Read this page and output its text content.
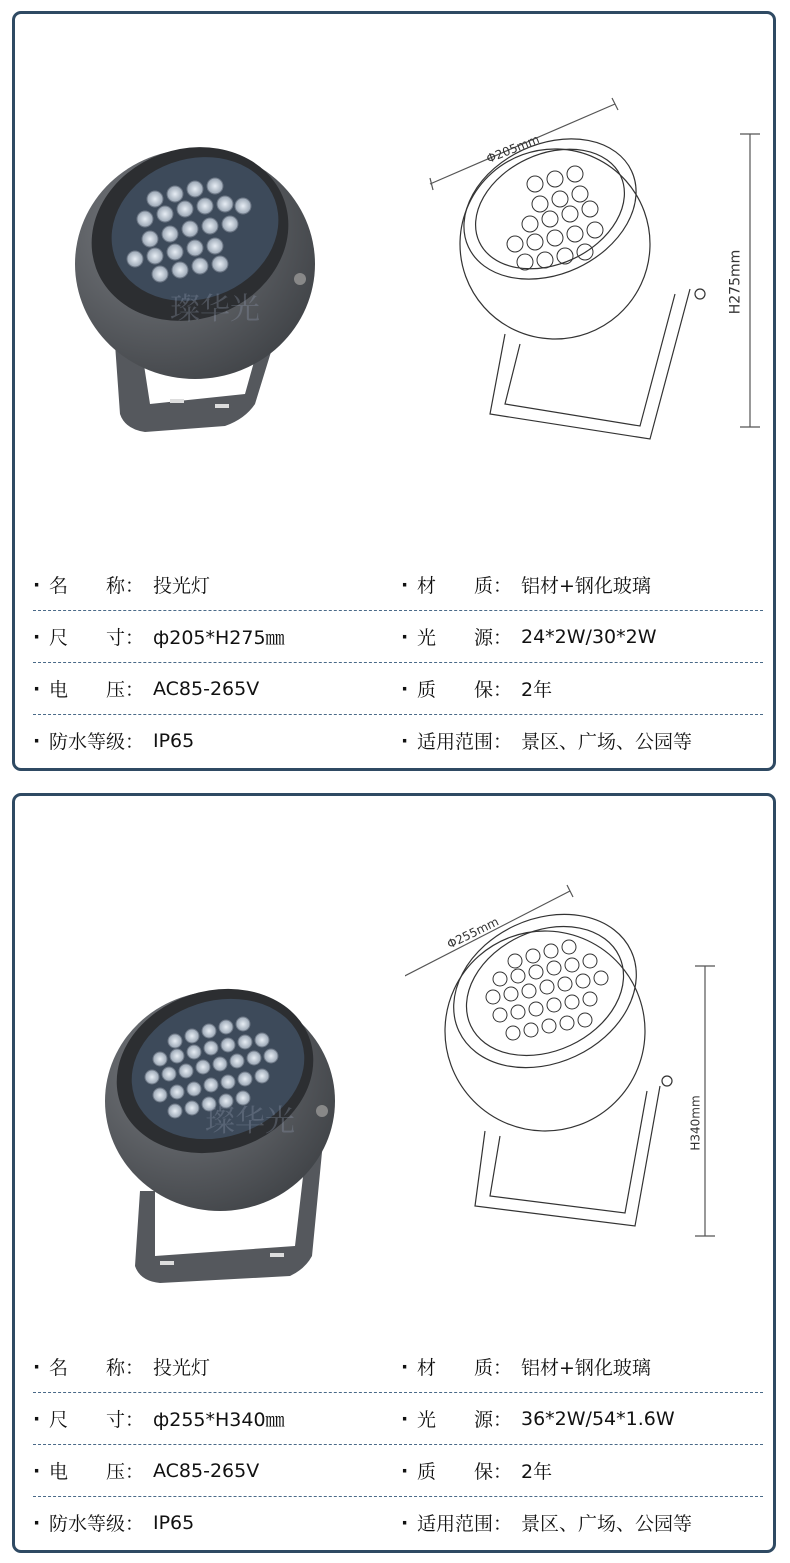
璨华光
Φ205mm
H275mm
· 名　　称： 投光灯	· 材　　质： 铝材+钢化玻璃
· 尺　　寸： ф205*H275㎜	· 光　　源： 24*2W/30*2W
· 电　　压： AC85-265V	· 质　　保： 2年
· 防水等级： IP65	· 适用范围： 景区、广场、公园等
璨华光
Φ255mm
H340mm
· 名　　称： 投光灯	· 材　　质： 铝材+钢化玻璃
· 尺　　寸： ф255*H340㎜	· 光　　源： 36*2W/54*1.6W
· 电　　压： AC85-265V	· 质　　保： 2年
· 防水等级： IP65	· 适用范围： 景区、广场、公园等
